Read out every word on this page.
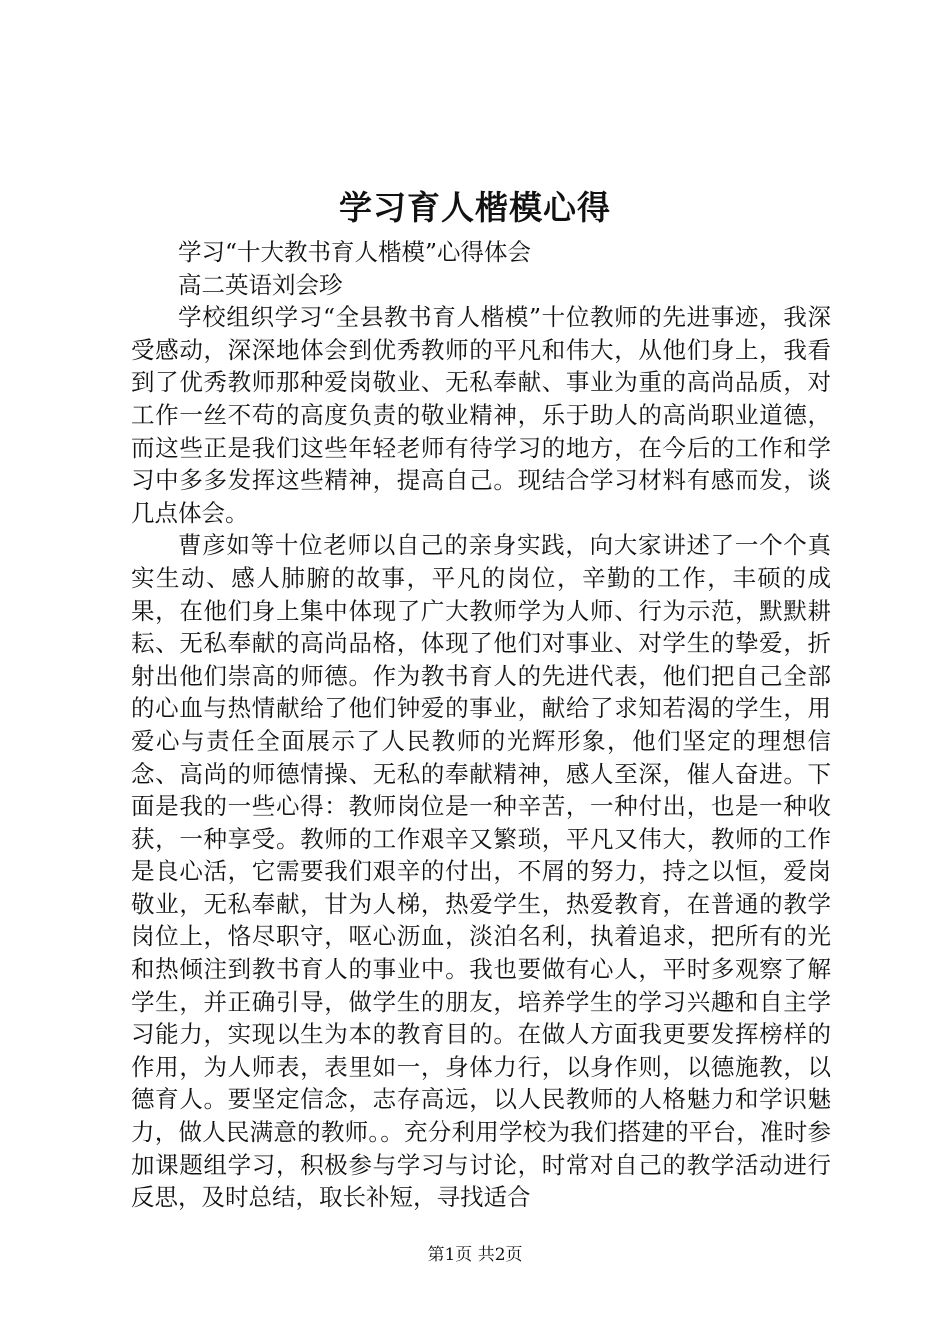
学习育人楷模心得

学习“十大教书育人楷模”心得体会

高二英语刘会珍

学校组织学习“全县教书育人楷模”十位教师的先进事迹，我深受感动，深深地体会到优秀教师的平凡和伟大，从他们身上，我看到了优秀教师那种爱岗敬业、无私奉献、事业为重的高尚品质，对工作一丝不苟的高度负责的敬业精神，乐于助人的高尚职业道德，而这些正是我们这些年轻老师有待学习的地方，在今后的工作和学习中多多发挥这些精神，提高自己。现结合学习材料有感而发，谈几点体会。

曹彦如等十位老师以自己的亲身实践，向大家讲述了一个个真实生动、感人肺腑的故事，平凡的岗位，辛勤的工作，丰硕的成果，在他们身上集中体现了广大教师学为人师、行为示范，默默耕耘、无私奉献的高尚品格，体现了他们对事业、对学生的挚爱，折射出他们崇高的师德。作为教书育人的先进代表，他们把自己全部的心血与热情献给了他们钟爱的事业，献给了求知若渴的学生，用爱心与责任全面展示了人民教师的光辉形象，他们坚定的理想信念、高尚的师德情操、无私的奉献精神，感人至深，催人奋进。下面是我的一些心得：教师岗位是一种辛苦，一种付出，也是一种收获，一种享受。教师的工作艰辛又繁琐，平凡又伟大，教师的工作是良心活，它需要我们艰辛的付出，不屑的努力，持之以恒，爱岗敬业，无私奉献，甘为人梯，热爱学生，热爱教育，在普通的教学岗位上，恪尽职守，呕心沥血，淡泊名利，执着追求，把所有的光和热倾注到教书育人的事业中。我也要做有心人，平时多观察了解学生，并正确引导，做学生的朋友，培养学生的学习兴趣和自主学习能力，实现以生为本的教育目的。在做人方面我更要发挥榜样的作用，为人师表，表里如一，身体力行，以身作则，以德施教，以德育人。要坚定信念，志存高远，以人民教师的人格魅力和学识魅力，做人民满意的教师。。充分利用学校为我们搭建的平台，准时参加课题组学习，积极参与学习与讨论，时常对自己的教学活动进行反思，及时总结，取长补短，寻找适合

第1页 共2页
